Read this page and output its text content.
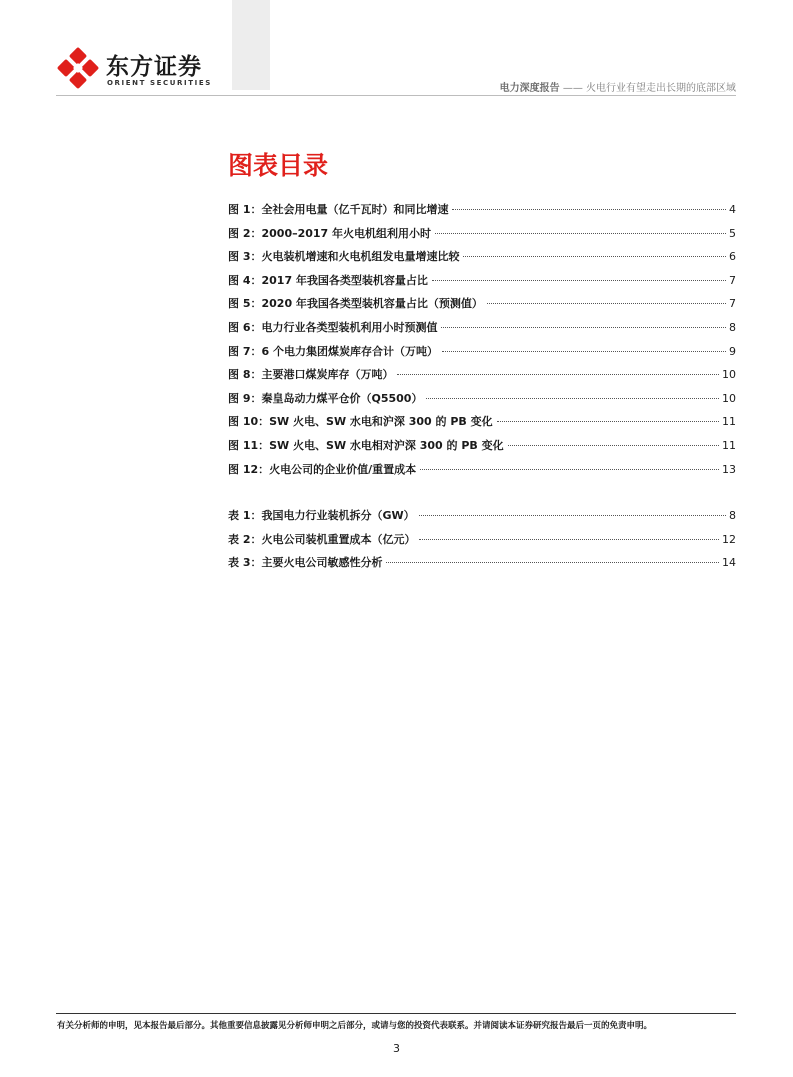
东方证券
ORIENT SECURITIES	电力深度报告 —— 火电行业有望走出长期的底部区域
图表目录
图 1：全社会用电量（亿千瓦时）和同比增速	4
图 2：2000–2017 年火电机组利用小时	5
图 3：火电装机增速和火电机组发电量增速比较	6
图 4：2017 年我国各类型装机容量占比	7
图 5：2020 年我国各类型装机容量占比（预测值）	7
图 6：电力行业各类型装机利用小时预测值	8
图 7：6 个电力集团煤炭库存合计（万吨）	9
图 8：主要港口煤炭库存（万吨）	10
图 9：秦皇岛动力煤平仓价（Q5500）	10
图 10：SW 火电、SW 水电和沪深 300 的 PB 变化	11
图 11：SW 火电、SW 水电相对沪深 300 的 PB 变化	11
图 12：火电公司的企业价值/重置成本	13
表 1：我国电力行业装机拆分（GW）	8
表 2：火电公司装机重置成本（亿元）	12
表 3：主要火电公司敏感性分析	14
有关分析师的申明，见本报告最后部分。其他重要信息披露见分析师申明之后部分，或请与您的投资代表联系。并请阅读本证券研究报告最后一页的免责申明。
3
